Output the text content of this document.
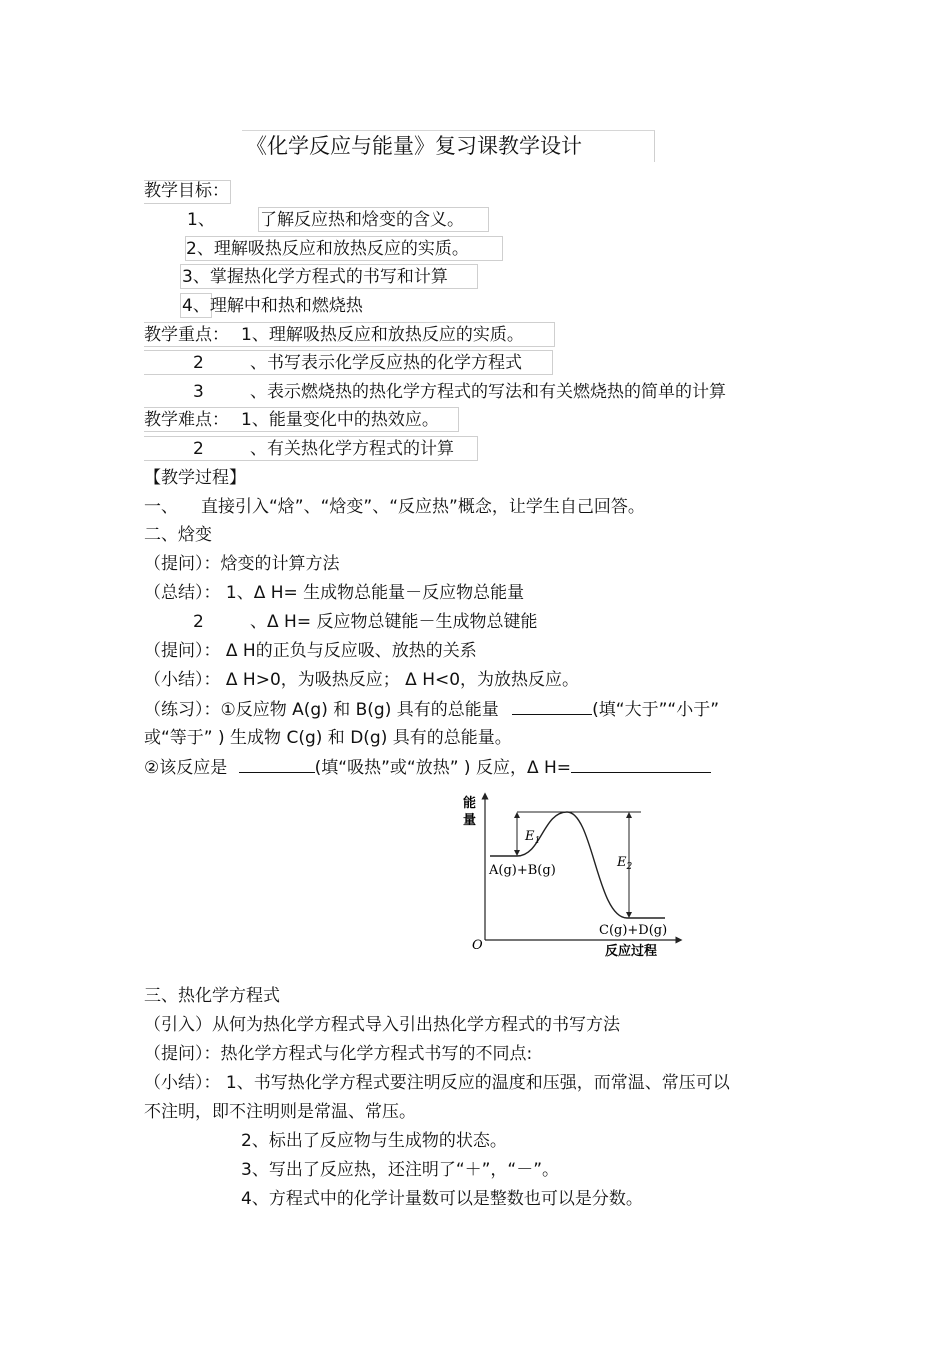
《化学反应与能量》复习课教学设计
教学目标：
1、	了解反应热和焓变的含义。
2、理解吸热反应和放热反应的实质。
3、掌握热化学方程式的书写和计算
4、理解中和热和燃烧热
教学重点： 1、理解吸热反应和放热反应的实质。
2	、书写表示化学反应热的化学方程式
3	、表示燃烧热的热化学方程式的写法和有关燃烧热的简单的计算
教学难点： 1、能量变化中的热效应。
2	、有关热化学方程式的计算
【教学过程】
一、 直接引入“焓”、“焓变”、“反应热”概念，让学生自己回答。
二、焓变
（提问）：焓变的计算方法
（总结）： 1、Δ H= 生成物总能量－反应物总能量
2	、Δ H= 反应物总键能－生成物总键能
（提问）： Δ H的正负与反应吸、放热的关系
（小结）： Δ H>0，为吸热反应； Δ H<0，为放热反应。
（练习）：①反应物 A(g) 和 B(g) 具有的总能量	(填“大于”“小于”
或“等于” ) 生成物 C(g) 和 D(g) 具有的总能量。
②该反应是	(填“吸热”或“放热” ) 反应，Δ H=
能
量
O	反应过程
$E_1$
$E_2$
A(g)+B(g)
C(g)+D(g)
三、热化学方程式
（引入）从何为热化学方程式导入引出热化学方程式的书写方法
（提问）：热化学方程式与化学方程式书写的不同点:
（小结）： 1、书写热化学方程式要注明反应的温度和压强，而常温、常压可以
不注明，即不注明则是常温、常压。
2、标出了反应物与生成物的状态。
3、写出了反应热，还注明了“＋”，“－”。
4、方程式中的化学计量数可以是整数也可以是分数。
